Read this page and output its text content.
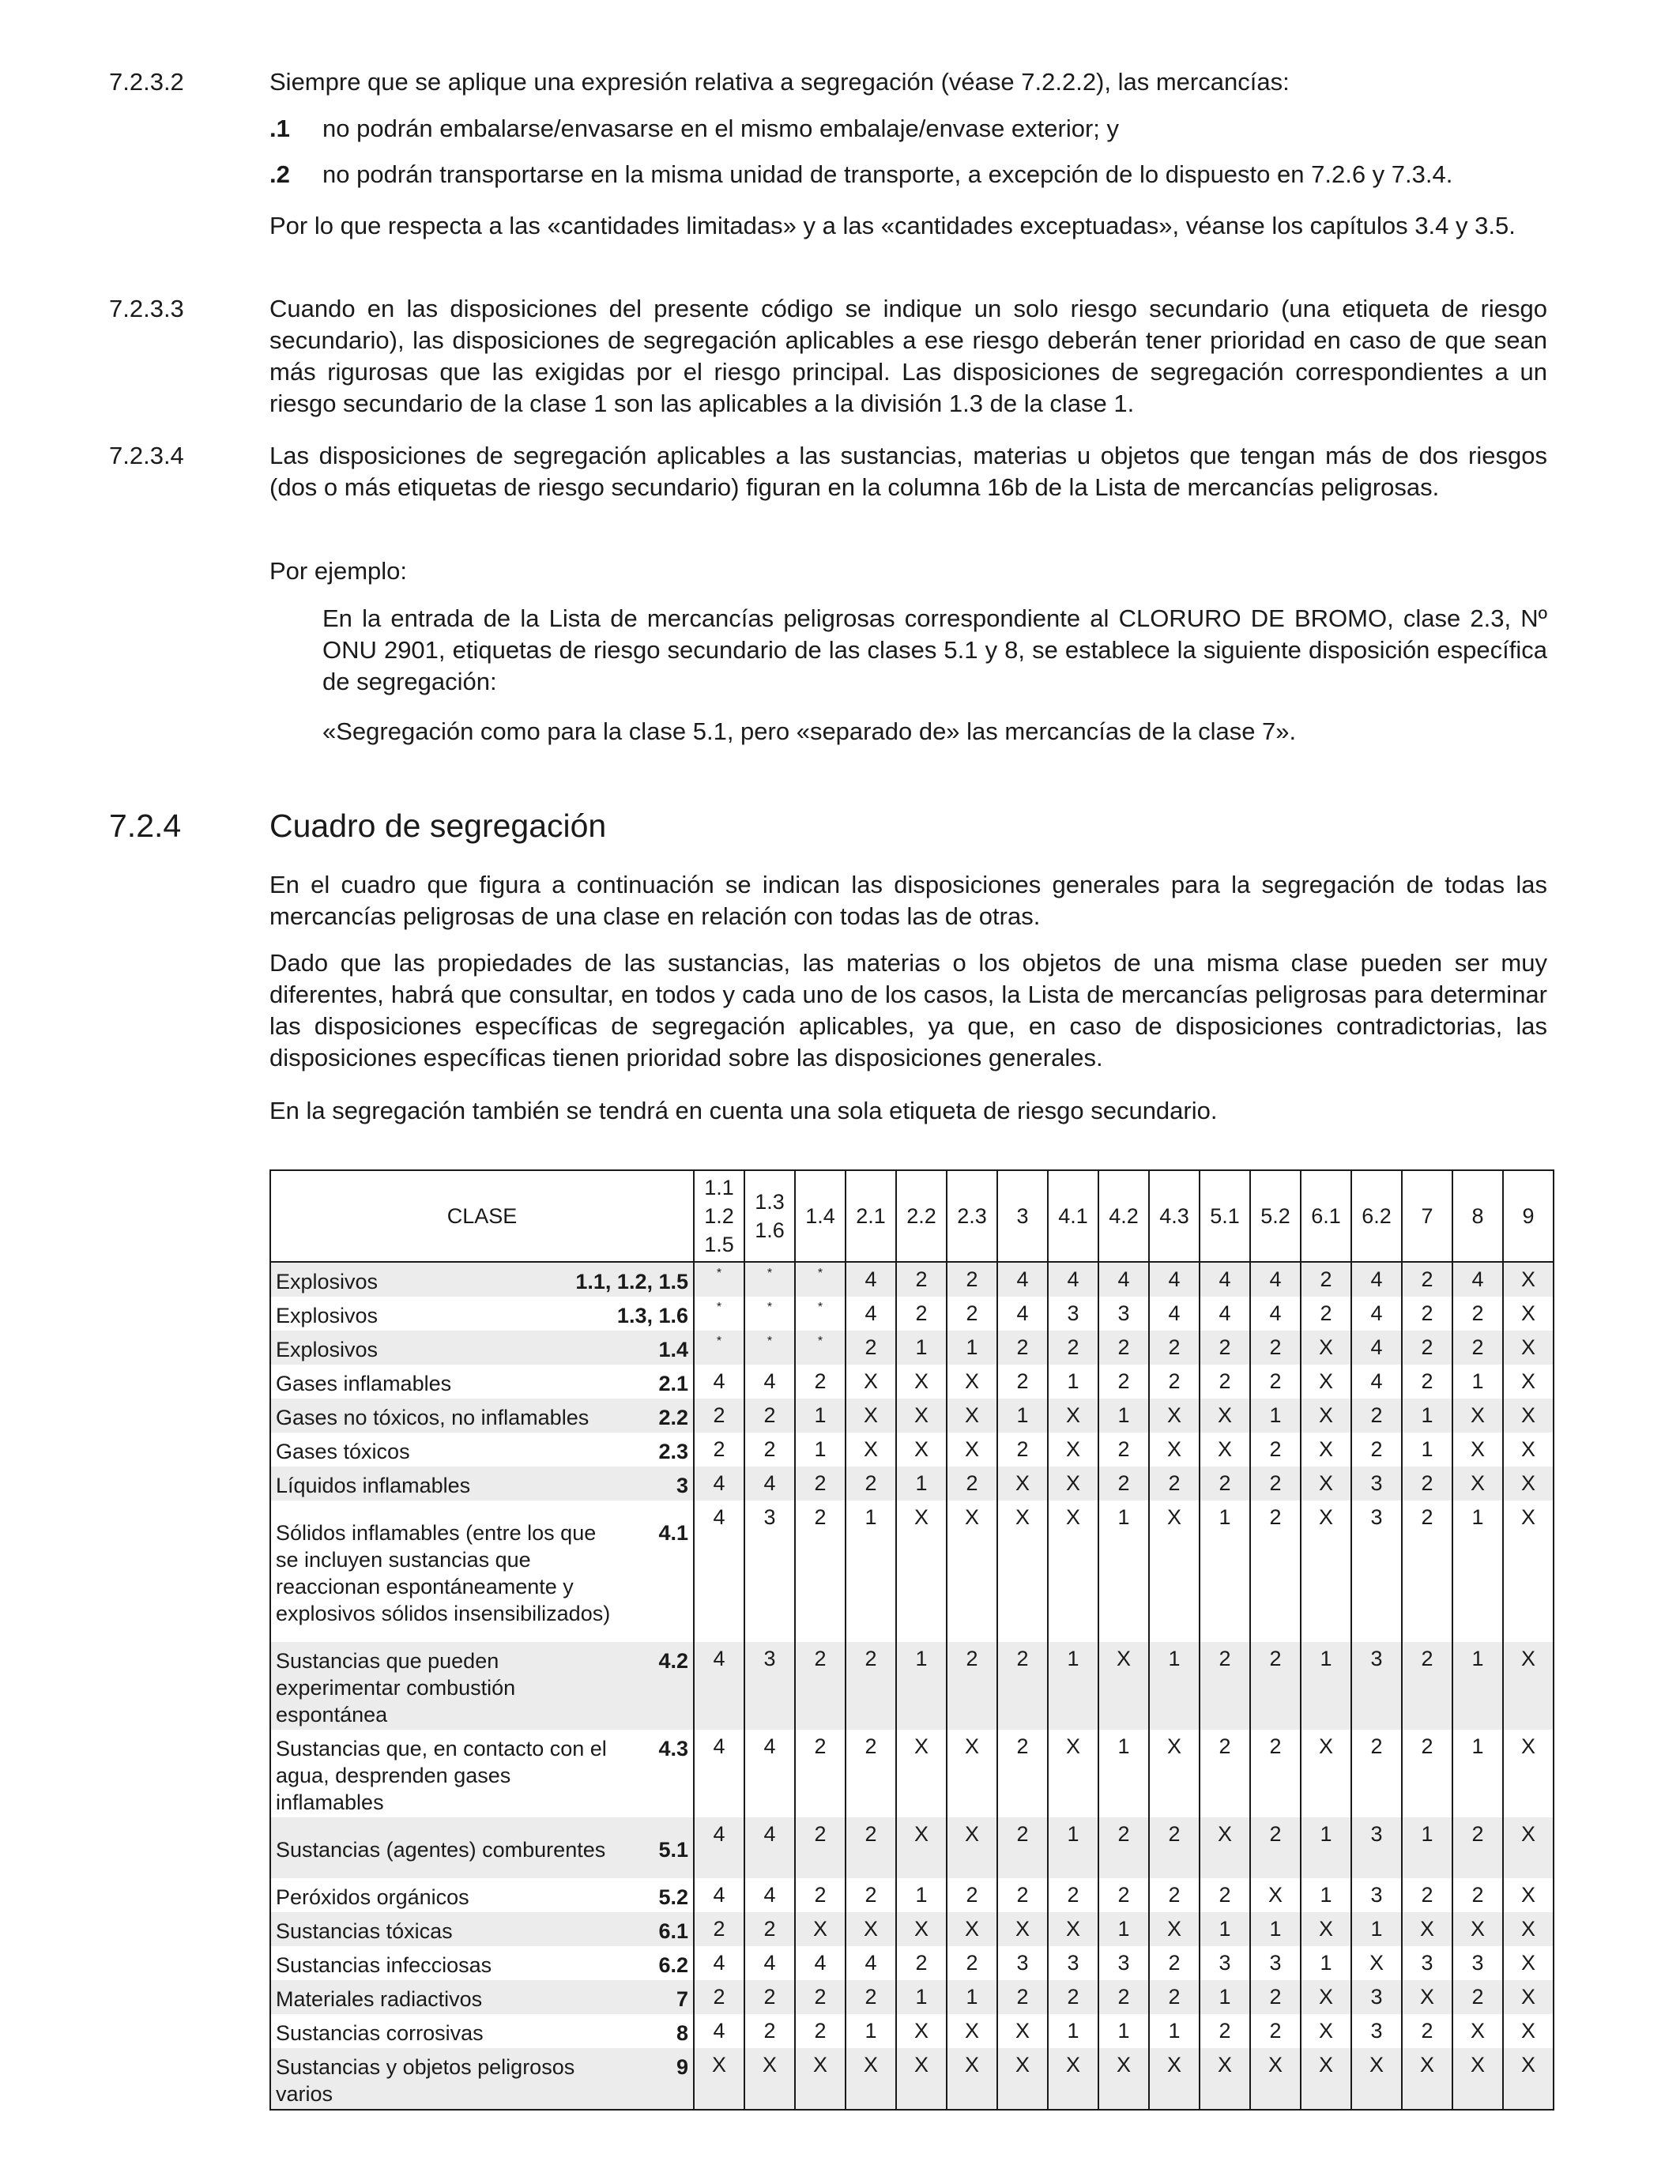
7.2.3.2	Siempre que se aplique una expresión relativa a segregación (véase 7.2.2.2), las mercancías:

.1 no podrán embalarse/envasarse en el mismo embalaje/envase exterior; y
.2 no podrán transportarse en la misma unidad de transporte, a excepción de lo dispuesto en 7.2.6 y 7.3.4.

Por lo que respecta a las «cantidades limitadas» y a las «cantidades exceptuadas», véanse los capítulos 3.4 y 3.5.

7.2.3.3	Cuando en las disposiciones del presente código se indique un solo riesgo secundario (una etiqueta de riesgo secundario), las disposiciones de segregación aplicables a ese riesgo deberán tener prioridad en caso de que sean más rigurosas que las exigidas por el riesgo principal. Las disposiciones de segregación correspondientes a un riesgo secundario de la clase 1 son las aplicables a la división 1.3 de la clase 1.

7.2.3.4	Las disposiciones de segregación aplicables a las sustancias, materias u objetos que tengan más de dos riesgos (dos o más etiquetas de riesgo secundario) figuran en la columna 16b de la Lista de mercancías peligrosas.

Por ejemplo:

En la entrada de la Lista de mercancías peligrosas correspondiente al CLORURO DE BROMO, clase 2.3, Nº ONU 2901, etiquetas de riesgo secundario de las clases 5.1 y 8, se establece la siguiente disposición específica de segregación:

«Segregación como para la clase 5.1, pero «separado de» las mercancías de la clase 7».

7.2.4	Cuadro de segregación

En el cuadro que figura a continuación se indican las disposiciones generales para la segregación de todas las mercancías peligrosas de una clase en relación con todas las de otras.

Dado que las propiedades de las sustancias, las materias o los objetos de una misma clase pueden ser muy diferentes, habrá que consultar, en todos y cada uno de los casos, la Lista de mercancías peligrosas para determinar las disposiciones específicas de segregación aplicables, ya que, en caso de disposiciones contradictorias, las disposiciones específicas tienen prioridad sobre las disposiciones generales.

En la segregación también se tendrá en cuenta una sola etiqueta de riesgo secundario.

CLASE	1.1
1.2
1.5	1.3
1.6	1.4	2.1	2.2	2.3	3	4.1	4.2	4.3	5.1	5.2	6.1	6.2	7	8	9

Explosivos 1.1, 1.2, 1.5	*	*	*	4	2	2	4	4	4	4	4	4	2	4	2	4	X

Explosivos 1.3, 1.6	*	*	*	4	2	2	4	3	3	4	4	4	2	4	2	2	X

Explosivos 1.4	*	*	*	2	1	1	2	2	2	2	2	2	X	4	2	2	X

Gases inflamables 2.1	4	4	2	X	X	X	2	1	2	2	2	2	X	4	2	1	X

Gases no tóxicos, no inflamables 2.2	2	2	1	X	X	X	1	X	1	X	X	1	X	2	1	X	X

Gases tóxicos 2.3	2	2	1	X	X	X	2	X	2	X	X	2	X	2	1	X	X

Líquidos inflamables 3	4	4	2	2	1	2	X	X	2	2	2	2	X	3	2	X	X

Sólidos inflamables (entre los que se incluyen sustancias que reaccionan espontáneamente y explosivos sólidos insensibilizados)
4.1	4	3	2	1	X	X	X	X	1	X	1	2	X	3	2	1	X

Sustancias que pueden experimentar combustión espontánea
4.2	4	3	2	2	1	2	2	1	X	1	2	2	1	3	2	1	X

Sustancias que, en contacto con el agua, desprenden gases inflamables
4.3	4	4	2	2	X	X	2	X	1	X	2	2	X	2	2	1	X

Sustancias (agentes) comburentes 5.1	4	4	2	2	X	X	2	1	2	2	X	2	1	3	1	2	X

Peróxidos orgánicos 5.2	4	4	2	2	1	2	2	2	2	2	2	X	1	3	2	2	X

Sustancias tóxicas 6.1	2	2	X	X	X	X	X	X	1	X	1	1	X	1	X	X	X

Sustancias infecciosas 6.2	4	4	4	4	2	2	3	3	3	2	3	3	1	X	3	3	X

Materiales radiactivos 7	2	2	2	2	1	1	2	2	2	2	1	2	X	3	X	2	X

Sustancias corrosivas 8	4	2	2	1	X	X	X	1	1	1	2	2	X	3	2	X	X

Sustancias y objetos peligrosos varios
9	X	X	X	X	X	X	X	X	X	X	X	X	X	X	X	X	X
